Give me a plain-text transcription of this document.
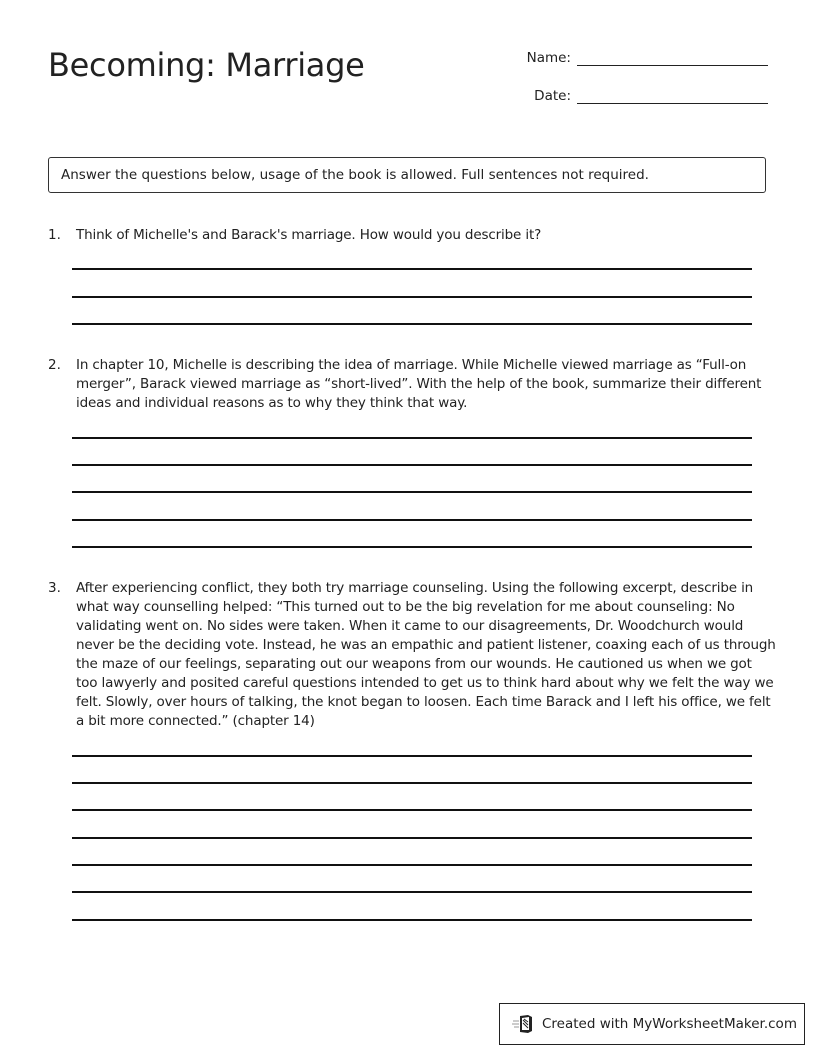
Becoming: Marriage	Name:
Date:
Answer the questions below, usage of the book is allowed. Full sentences not required.
1. Think of Michelle's and Barack's marriage. How would you describe it?
2. In chapter 10, Michelle is describing the idea of marriage. While Michelle viewed marriage as “Full-on merger”, Barack viewed marriage as “short-lived”. With the help of the book, summarize their different ideas and individual reasons as to why they think that way.
3. After experiencing conflict, they both try marriage counseling. Using the following excerpt, describe in what way counselling helped: “This turned out to be the big revelation for me about counseling: No validating went on. No sides were taken. When it came to our disagreements, Dr. Woodchurch would never be the deciding vote. Instead, he was an empathic and patient listener, coaxing each of us through the maze of our feelings, separating out our weapons from our wounds. He cautioned us when we got too lawyerly and posited careful questions intended to get us to think hard about why we felt the way we felt. Slowly, over hours of talking, the knot began to loosen. Each time Barack and I left his office, we felt a bit more connected.” (chapter 14)
Created with MyWorksheetMaker.com
